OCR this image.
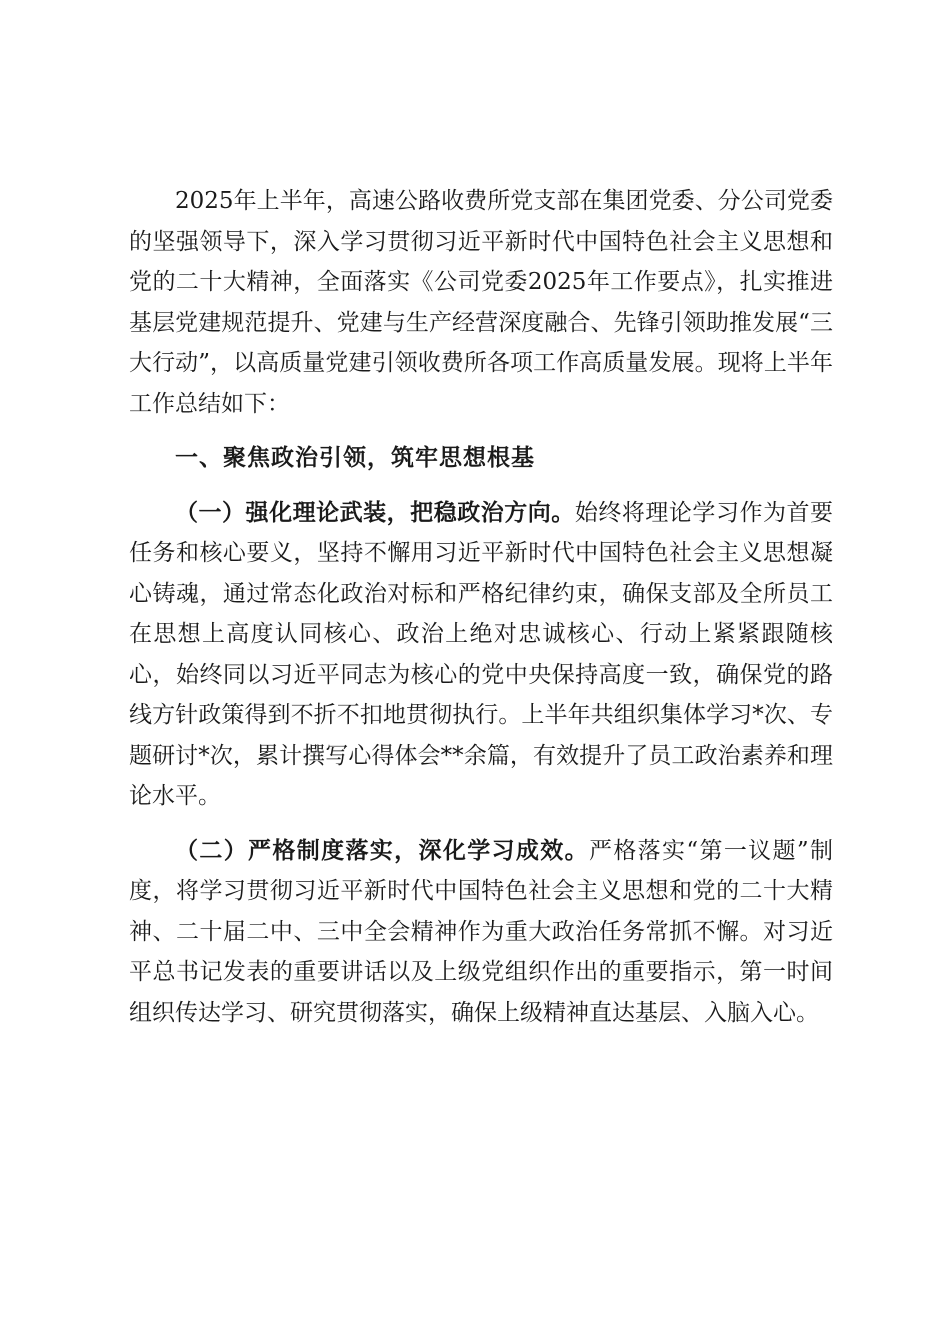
2025年上半年，高速公路收费所党支部在集团党委、分公司党委的坚强领导下，深入学习贯彻习近平新时代中国特色社会主义思想和党的二十大精神，全面落实《公司党委2025年工作要点》，扎实推进基层党建规范提升、党建与生产经营深度融合、先锋引领助推发展“三大行动”，以高质量党建引领收费所各项工作高质量发展。现将上半年工作总结如下：

一、聚焦政治引领，筑牢思想根基

（一）强化理论武装，把稳政治方向。始终将理论学习作为首要任务和核心要义，坚持不懈用习近平新时代中国特色社会主义思想凝心铸魂，通过常态化政治对标和严格纪律约束，确保支部及全所员工在思想上高度认同核心、政治上绝对忠诚核心、行动上紧紧跟随核心，始终同以习近平同志为核心的党中央保持高度一致，确保党的路线方针政策得到不折不扣地贯彻执行。上半年共组织集体学习*次、专题研讨*次，累计撰写心得体会**余篇，有效提升了员工政治素养和理论水平。

（二）严格制度落实，深化学习成效。严格落实“第一议题”制度，将学习贯彻习近平新时代中国特色社会主义思想和党的二十大精神、二十届二中、三中全会精神作为重大政治任务常抓不懈。对习近平总书记发表的重要讲话以及上级党组织作出的重要指示，第一时间组织传达学习、研究贯彻落实，确保上级精神直达基层、入脑入心。
